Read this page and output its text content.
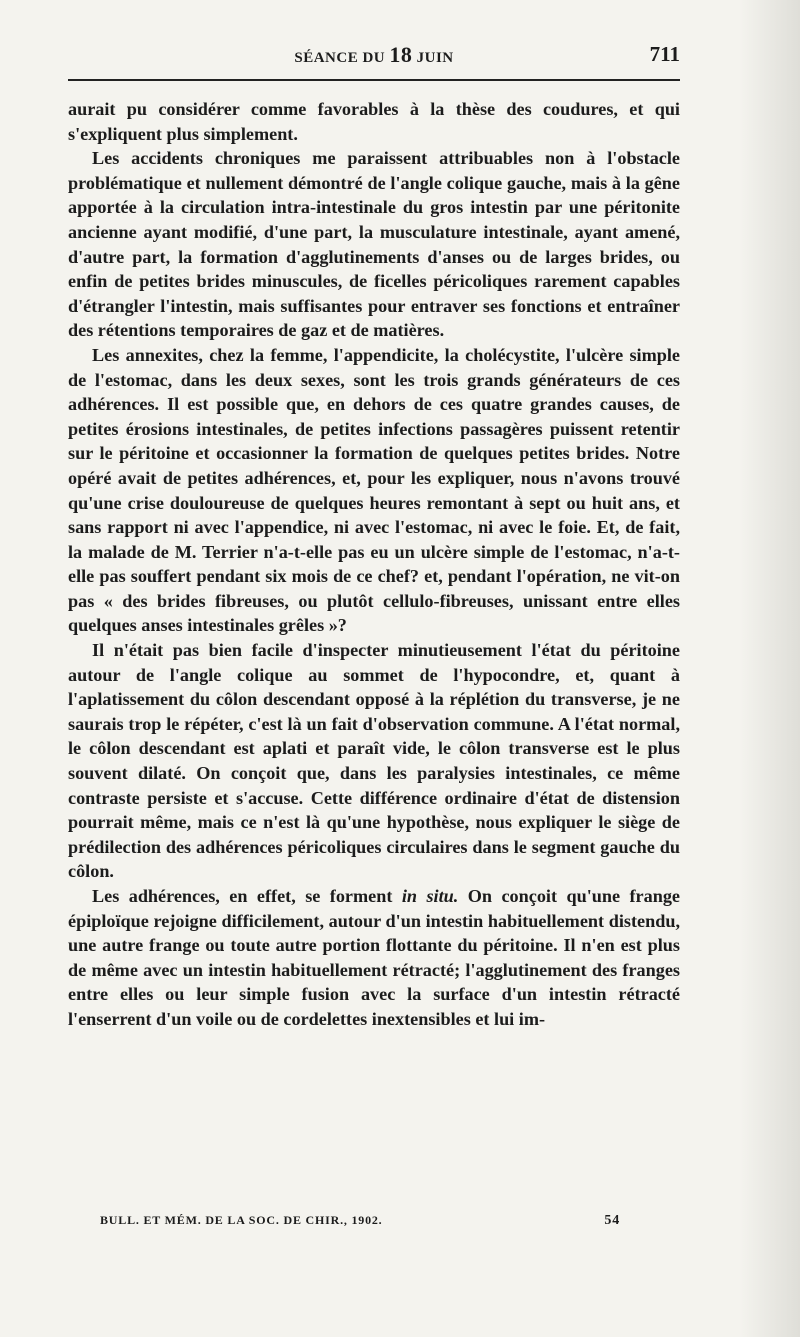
SÉANCE DU 18 JUIN	711

aurait pu considérer comme favorables à la thèse des coudures, et qui s'expliquent plus simplement.

Les accidents chroniques me paraissent attribuables non à l'obstacle problématique et nullement démontré de l'angle colique gauche, mais à la gêne apportée à la circulation intra-intestinale du gros intestin par une péritonite ancienne ayant modifié, d'une part, la musculature intestinale, ayant amené, d'autre part, la formation d'agglutinements d'anses ou de larges brides, ou enfin de petites brides minuscules, de ficelles péricoliques rarement capables d'étrangler l'intestin, mais suffisantes pour entraver ses fonctions et entraîner des rétentions temporaires de gaz et de matières.

Les annexites, chez la femme, l'appendicite, la cholécystite, l'ulcère simple de l'estomac, dans les deux sexes, sont les trois grands générateurs de ces adhérences. Il est possible que, en dehors de ces quatre grandes causes, de petites érosions intestinales, de petites infections passagères puissent retentir sur le péritoine et occasionner la formation de quelques petites brides. Notre opéré avait de petites adhérences, et, pour les expliquer, nous n'avons trouvé qu'une crise douloureuse de quelques heures remontant à sept ou huit ans, et sans rapport ni avec l'appendice, ni avec l'estomac, ni avec le foie. Et, de fait, la malade de M. Terrier n'a-t-elle pas eu un ulcère simple de l'estomac, n'a-t-elle pas souffert pendant six mois de ce chef? et, pendant l'opération, ne vit-on pas « des brides fibreuses, ou plutôt cellulo-fibreuses, unissant entre elles quelques anses intestinales grêles »?

Il n'était pas bien facile d'inspecter minutieusement l'état du péritoine autour de l'angle colique au sommet de l'hypocondre, et, quant à l'aplatissement du côlon descendant opposé à la réplétion du transverse, je ne saurais trop le répéter, c'est là un fait d'observation commune. A l'état normal, le côlon descendant est aplati et paraît vide, le côlon transverse est le plus souvent dilaté. On conçoit que, dans les paralysies intestinales, ce même contraste persiste et s'accuse. Cette différence ordinaire d'état de distension pourrait même, mais ce n'est là qu'une hypothèse, nous expliquer le siège de prédilection des adhérences péricoliques circulaires dans le segment gauche du côlon.

Les adhérences, en effet, se forment in situ. On conçoit qu'une frange épiploïque rejoigne difficilement, autour d'un intestin habituellement distendu, une autre frange ou toute autre portion flottante du péritoine. Il n'en est plus de même avec un intestin habituellement rétracté; l'agglutinement des franges entre elles ou leur simple fusion avec la surface d'un intestin rétracté l'enserrent d'un voile ou de cordelettes inextensibles et lui im-

BULL. ET MÉM. DE LA SOC. DE CHIR., 1902.	54
